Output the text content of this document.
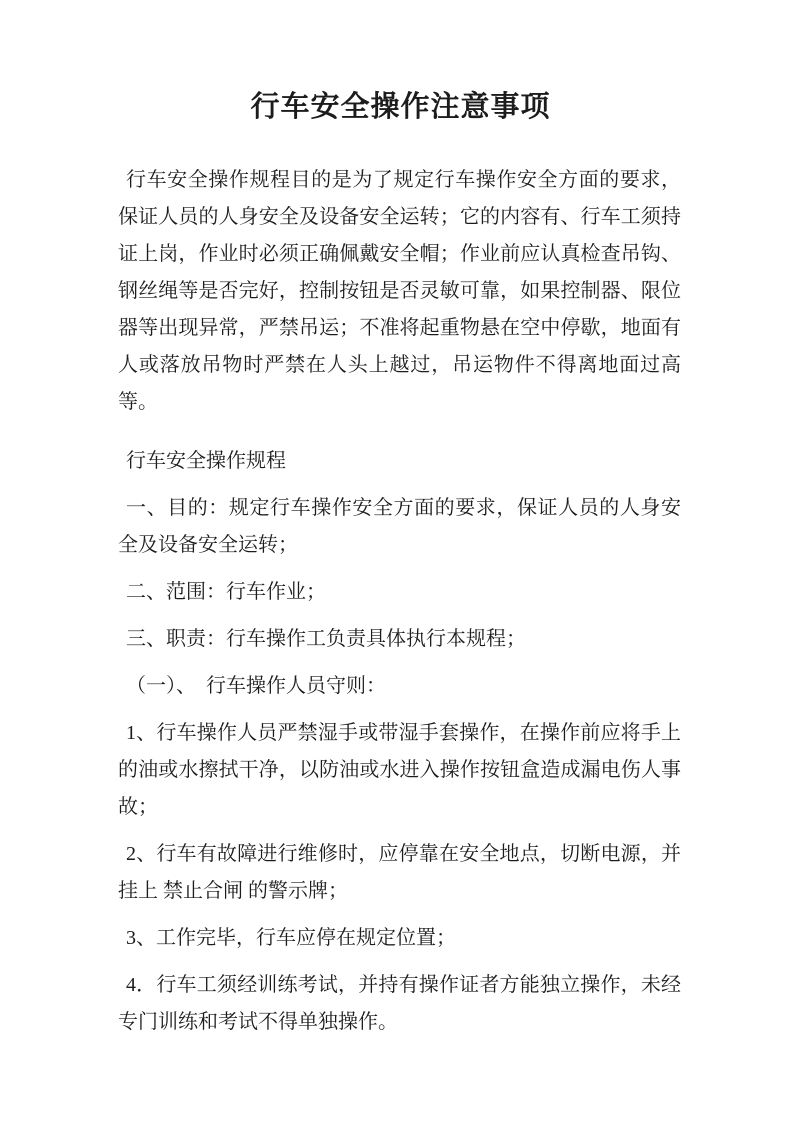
行车安全操作注意事项
行车安全操作规程目的是为了规定行车操作安全方面的要求，保证人员的人身安全及设备安全运转；它的内容有、行车工须持证上岗，作业时必须正确佩戴安全帽；作业前应认真检查吊钩、钢丝绳等是否完好，控制按钮是否灵敏可靠，如果控制器、限位器等出现异常，严禁吊运；不准将起重物悬在空中停歇，地面有人或落放吊物时严禁在人头上越过，吊运物件不得离地面过高等。
行车安全操作规程
一、目的：规定行车操作安全方面的要求，保证人员的人身安全及设备安全运转；
二、范围：行车作业；
三、职责：行车操作工负责具体执行本规程；
（一）、　行车操作人员守则：
1、行车操作人员严禁湿手或带湿手套操作，在操作前应将手上的油或水擦拭干净，以防油或水进入操作按钮盒造成漏电伤人事故；
2、行车有故障进行维修时，应停靠在安全地点，切断电源，并挂上 禁止合闸 的警示牌；
3、工作完毕，行车应停在规定位置；
4．行车工须经训练考试，并持有操作证者方能独立操作，未经专门训练和考试不得单独操作。
